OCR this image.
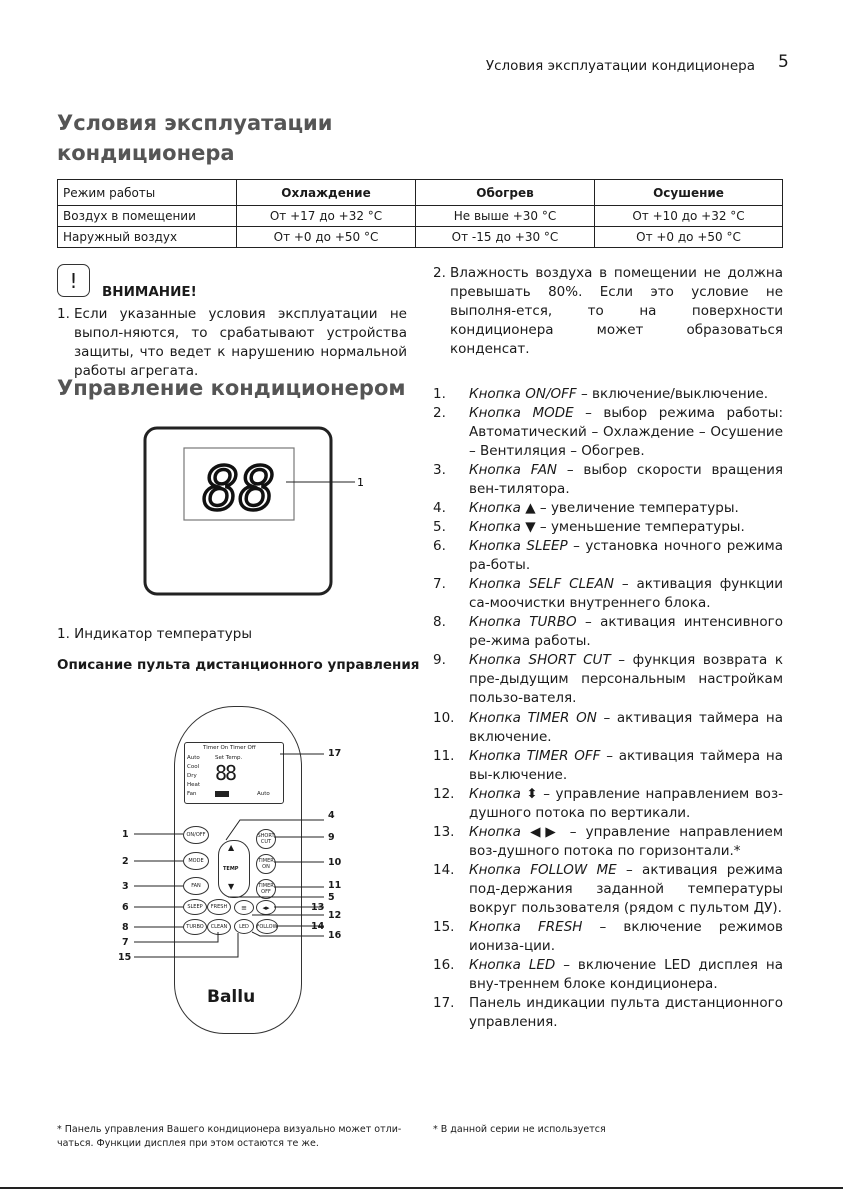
Условия эксплуатации кондиционера 5
Условия эксплуатации
кондиционера
Режим работы	Охлаждение	Обогрев	Осушение
Воздух в помещении	От +17 до +32 °C	Не выше +30 °C	От +10 до +32 °C
Наружный воздух	От +0 до +50 °C	От -15 до +30 °C	От +0 до +50 °C
!	ВНИМАНИЕ!
1. Если указанные условия эксплуатации не выпол-няются, то срабатывают устройства защиты, что ведет к нарушению нормальной работы агрегата.
2. Влажность воздуха в помещении не должна превышать 80%. Если это условие не выполня-ется, то на поверхности кондиционера может образоваться конденсат.
Управление кондиционером
88	1
1. Индикатор температуры
Описание пульта дистанционного управления
Timer On Timer Off
Auto
Cool
Dry
Heat
Fan
Set Temp.
88
Auto
ON/OFF
MODE
FAN
SLEEP	FRESH
TURBO	CLEAN
≡	◂▸
LED	FOLLOW
SHORT CUT
TIMER ON
TIMER OFF
▲
TEMP
▼
Ballu
1
2
3
6
8
7
15
17
4
9
10
11
5
13
12
14
16
1. Кнопка ON/OFF – включение/выключение.
2. Кнопка MODE – выбор режима работы: Автоматический – Охлаждение – Осушение – Вентиляция – Обогрев.
3. Кнопка FAN – выбор скорости вращения вен-тилятора.
4. Кнопка ▲ – увеличение температуры.
5. Кнопка ▼ – уменьшение температуры.
6. Кнопка SLEEP – установка ночного режима ра-боты.
7. Кнопка SELF CLEAN – активация функции са-моочистки внутреннего блока.
8. Кнопка TURBO – активация интенсивного ре-жима работы.
9. Кнопка SHORT CUT – функция возврата к пре-дыдущим персональным настройкам пользо-вателя.
10. Кнопка TIMER ON – активация таймера на включение.
11. Кнопка TIMER OFF – активация таймера на вы-ключение.
12. Кнопка ⬍ – управление направлением воз-душного потока по вертикали.
13. Кнопка ◀▶ – управление направлением воз-душного потока по горизонтали.*
14. Кнопка FOLLOW ME – активация режима под-держания заданной температуры вокруг пользователя (рядом с пультом ДУ).
15. Кнопка FRESH – включение режимов иониза-ции.
16. Кнопка LED – включение LED дисплея на вну-треннем блоке кондиционера.
17. Панель индикации пульта дистанционного управления.
* Панель управления Вашего кондиционера визуально может отли-чаться. Функции дисплея при этом остаются те же.
* В данной серии не используется
